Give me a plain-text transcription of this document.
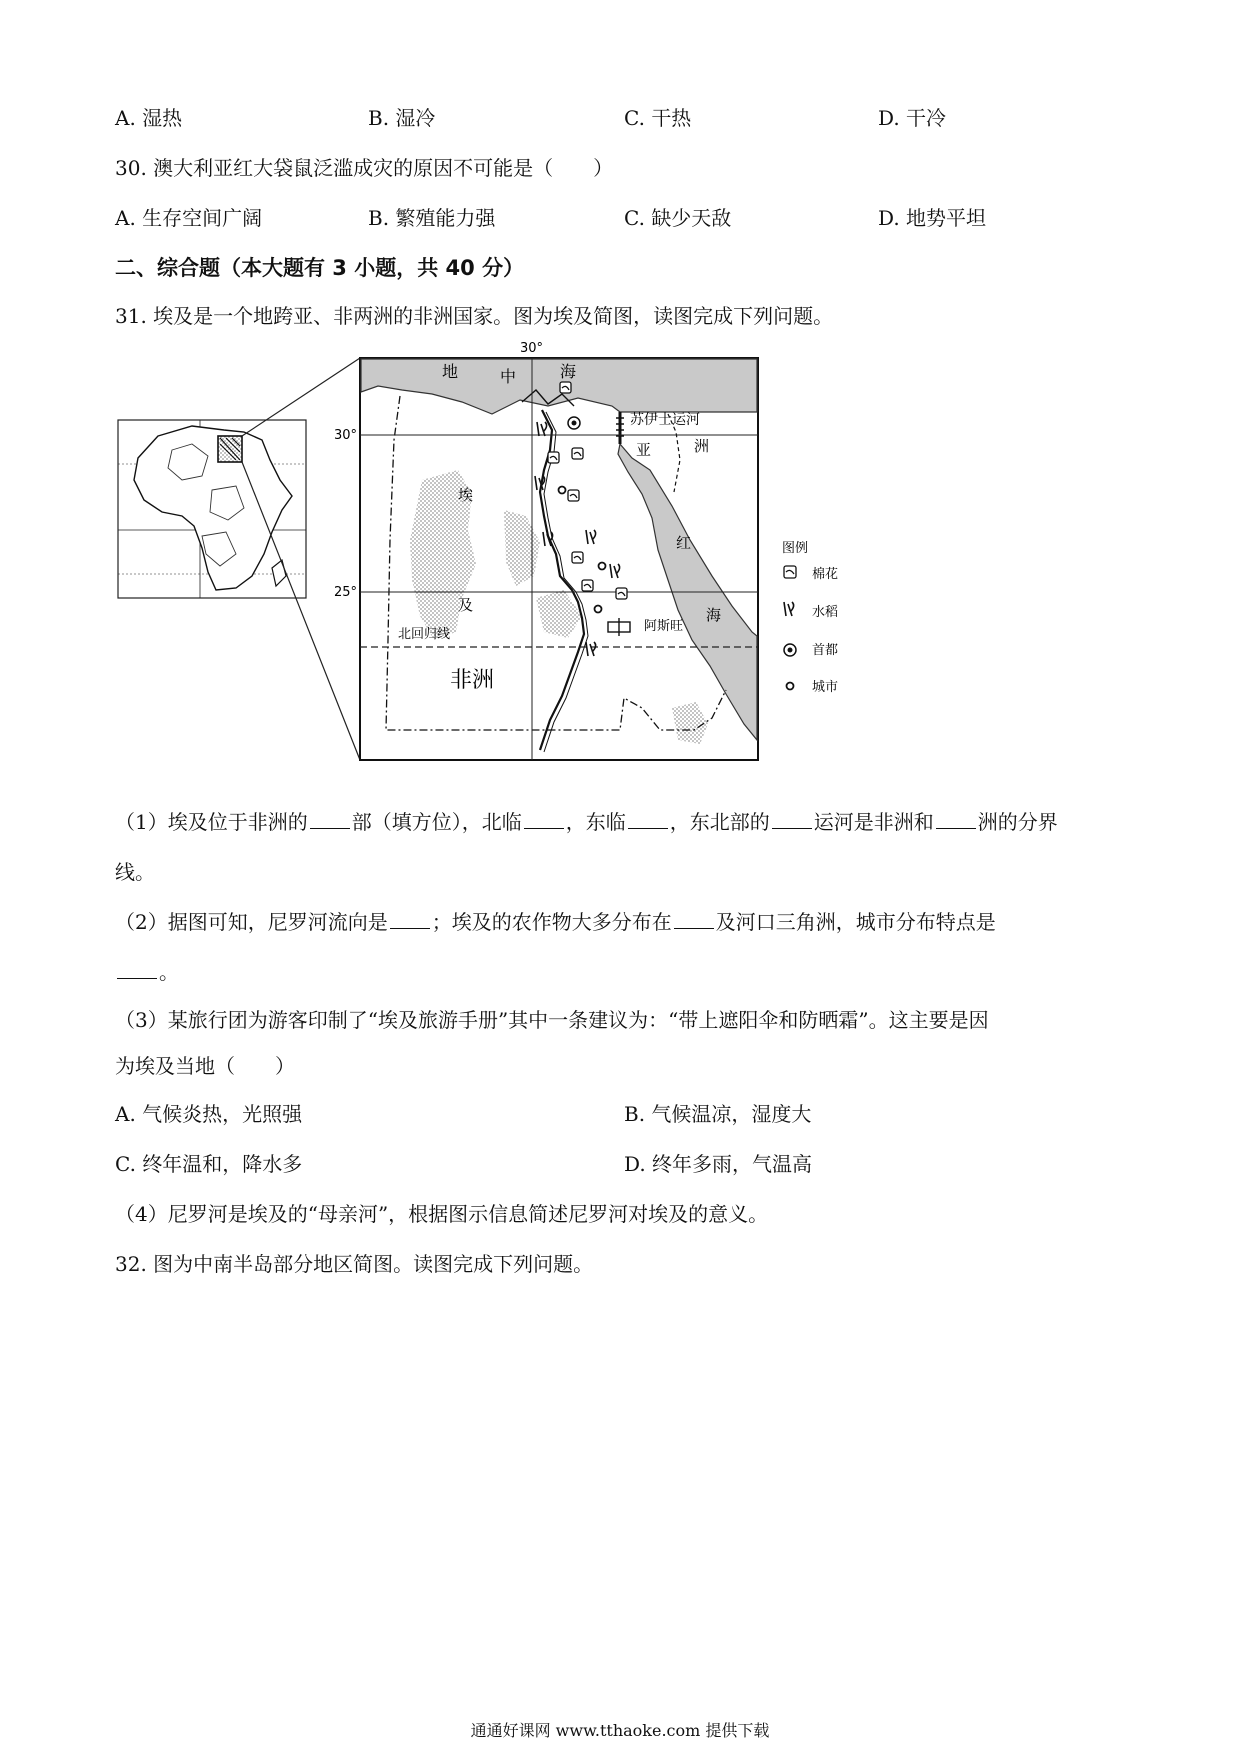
A. 湿热	B. 湿冷	C. 干热	D. 干冷
30. 澳大利亚红大袋鼠泛滥成灾的原因不可能是（　　）
A. 生存空间广阔	B. 繁殖能力强	C. 缺少天敌	D. 地势平坦
二、综合题（本大题有 3 小题，共 40 分）
31. 埃及是一个地跨亚、非两洲的非洲国家。图为埃及简图，读图完成下列问题。
30°
30°
25°
地	中	海
苏伊士运河
亚	洲
埃
及
红
海
北回归线
非洲
阿斯旺
图例
棉花
水稻
首都
城市
（1）埃及位于非洲的 部（填方位），北临 ，东临 ，东北部的 运河是非洲和 洲的分界
线。
（2）据图可知，尼罗河流向是 ；埃及的农作物大多分布在 及河口三角洲，城市分布特点是
。
（3）某旅行团为游客印制了“埃及旅游手册”其中一条建议为：“带上遮阳伞和防晒霜”。这主要是因
为埃及当地（　　）
A. 气候炎热，光照强	B. 气候温凉，湿度大
C. 终年温和，降水多	D. 终年多雨，气温高
（4）尼罗河是埃及的“母亲河”，根据图示信息简述尼罗河对埃及的意义。
32. 图为中南半岛部分地区简图。读图完成下列问题。
通通好课网 www.tthaoke.com 提供下载
